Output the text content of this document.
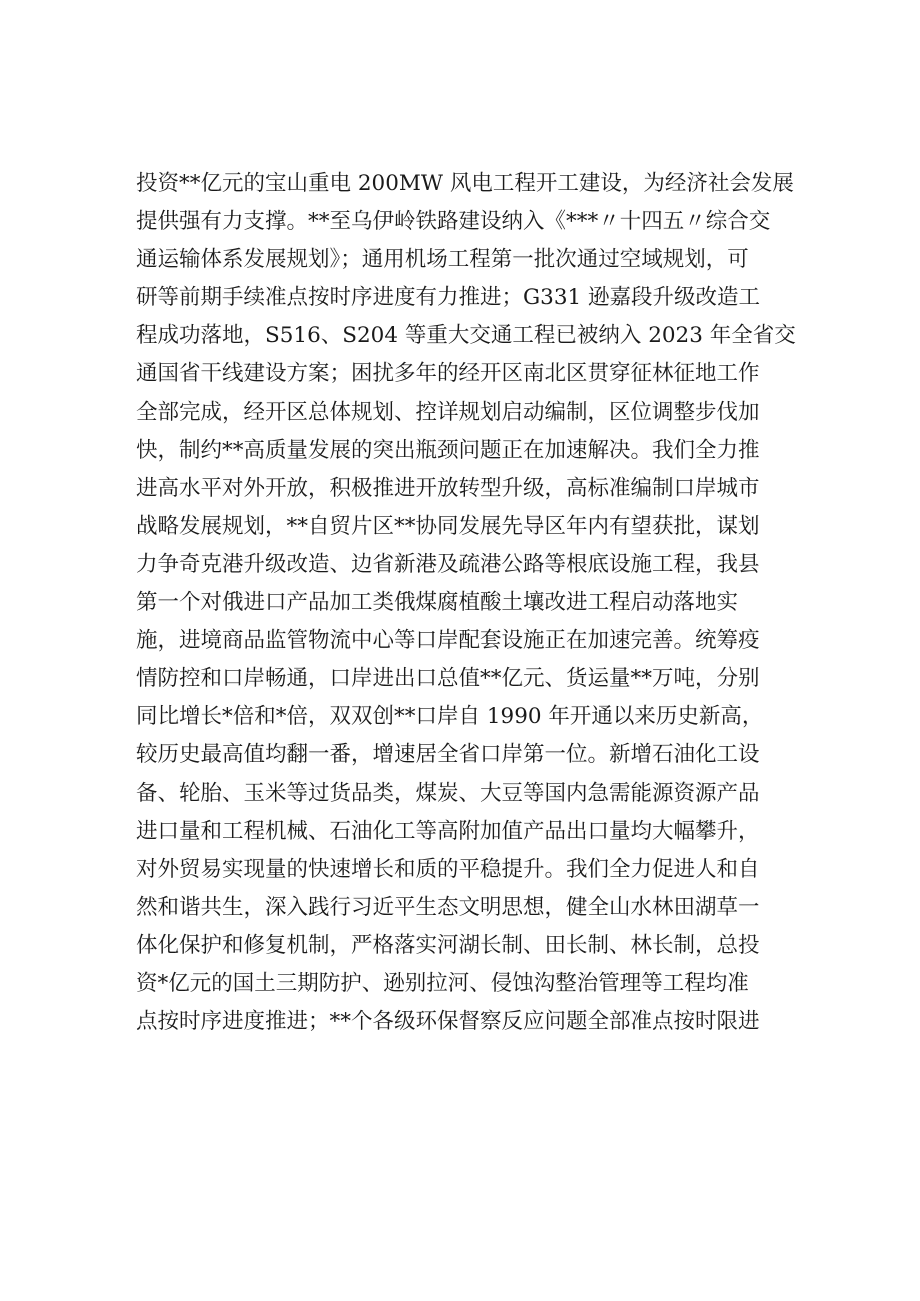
投资**亿元的宝山重电 200MW 风电工程开工建设，为经济社会发展
提供强有力支撑。**至乌伊岭铁路建设纳入《***〃十四五〃综合交
通运输体系发展规划》；通用机场工程第一批次通过空域规划，可
研等前期手续准点按时序进度有力推进；G331 逊嘉段升级改造工
程成功落地，S516、S204 等重大交通工程已被纳入 2023 年全省交
通国省干线建设方案；困扰多年的经开区南北区贯穿征林征地工作
全部完成，经开区总体规划、控详规划启动编制，区位调整步伐加
快，制约**高质量发展的突出瓶颈问题正在加速解决。我们全力推
进高水平对外开放，积极推进开放转型升级，高标准编制口岸城市
战略发展规划，**自贸片区**协同发展先导区年内有望获批，谋划
力争奇克港升级改造、边省新港及疏港公路等根底设施工程，我县
第一个对俄进口产品加工类俄煤腐植酸土壤改进工程启动落地实
施，进境商品监管物流中心等口岸配套设施正在加速完善。统筹疫
情防控和口岸畅通，口岸进出口总值**亿元、货运量**万吨，分别
同比增长*倍和*倍，双双创**口岸自 1990 年开通以来历史新高，
较历史最高值均翻一番，增速居全省口岸第一位。新增石油化工设
备、轮胎、玉米等过货品类，煤炭、大豆等国内急需能源资源产品
进口量和工程机械、石油化工等高附加值产品出口量均大幅攀升，
对外贸易实现量的快速增长和质的平稳提升。我们全力促进人和自
然和谐共生，深入践行习近平生态文明思想，健全山水林田湖草一
体化保护和修复机制，严格落实河湖长制、田长制、林长制，总投
资*亿元的国土三期防护、逊别拉河、侵蚀沟整治管理等工程均准
点按时序进度推进；**个各级环保督察反应问题全部准点按时限进
